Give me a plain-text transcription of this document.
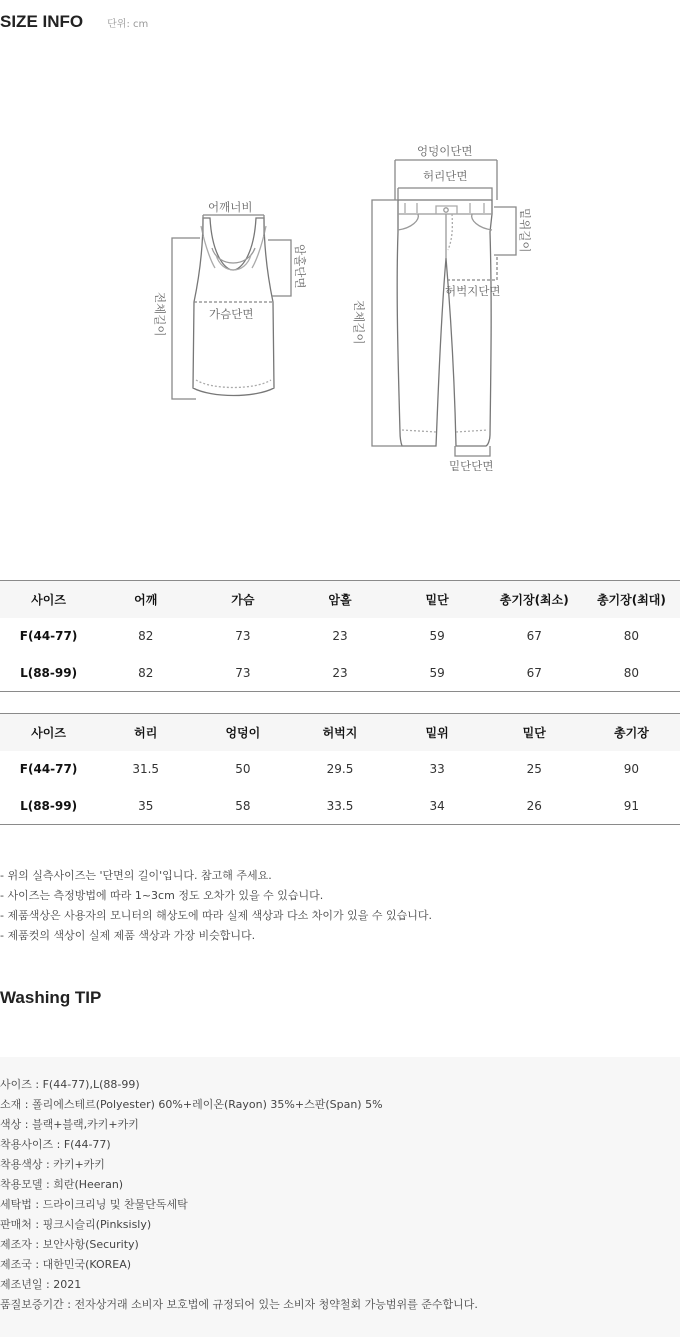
SIZE INFO 단위: cm
어깨너비
암홀단면
가슴단면
전체길이
엉덩이단면
허리단면
밑위길이
허벅지단면
전체길이
밑단단면
사이즈	어깨	가슴	암홀	밑단	총기장(최소)	총기장(최대)
F(44-77)	82	73	23	59	67	80
L(88-99)	82	73	23	59	67	80
사이즈	허리	엉덩이	허벅지	밑위	밑단	총기장
F(44-77)	31.5	50	29.5	33	25	90
L(88-99)	35	58	33.5	34	26	91
- 위의 실측사이즈는 '단면의 길이'입니다. 참고해 주세요.
- 사이즈는 측정방법에 따라 1~3cm 정도 오차가 있을 수 있습니다.
- 제품색상은 사용자의 모니터의 해상도에 따라 실제 색상과 다소 차이가 있을 수 있습니다.
- 제품컷의 색상이 실제 제품 색상과 가장 비슷합니다.
Washing TIP
사이즈 : F(44-77),L(88-99)
소재 : 폴리에스테르(Polyester) 60%+레이온(Rayon) 35%+스판(Span) 5%
색상 : 블랙+블랙,카키+카키
착용사이즈 : F(44-77)
착용색상 : 카키+카키
착용모델 : 희란(Heeran)
세탁법 : 드라이크리닝 및 찬물단독세탁
판매처 : 핑크시슬리(Pinksisly)
제조자 : 보안사항(Security)
제조국 : 대한민국(KOREA)
제조년일 : 2021
품질보증기간 : 전자상거래 소비자 보호법에 규정되어 있는 소비자 청약철회 가능범위를 준수합니다.
